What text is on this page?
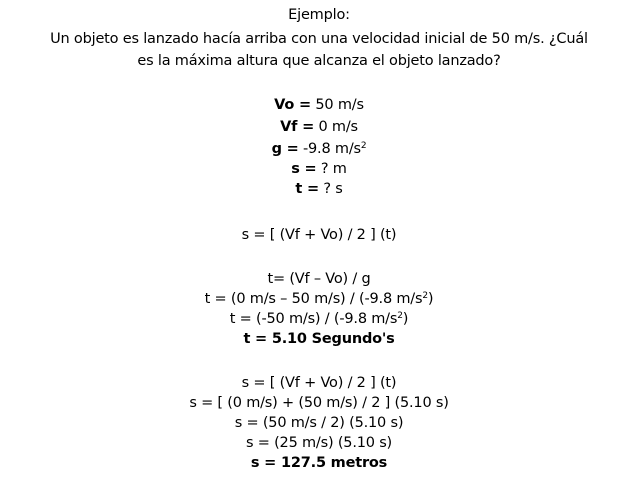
Ejemplo:
Un objeto es lanzado hacía arriba con una velocidad inicial de 50 m/s. ¿Cuál
es la máxima altura que alcanza el objeto lanzado?
Vo = 50 m/s
Vf = 0 m/s
g = -9.8 $m/s^2$
s = ? m
t = ? s
s = [ (Vf + Vo) / 2 ] (t)
t= (Vf – Vo) / g
t = (0 m/s – 50 m/s) / (-9.8 $m/s^2$)
t = (-50 m/s) / (-9.8 $m/s^2$)
t = 5.10 Segundo's
s = [ (Vf + Vo) / 2 ] (t)
s = [ (0 m/s) + (50 m/s) / 2 ] (5.10 s)
s = (50 m/s / 2) (5.10 s)
s = (25 m/s) (5.10 s)
s = 127.5 metros
